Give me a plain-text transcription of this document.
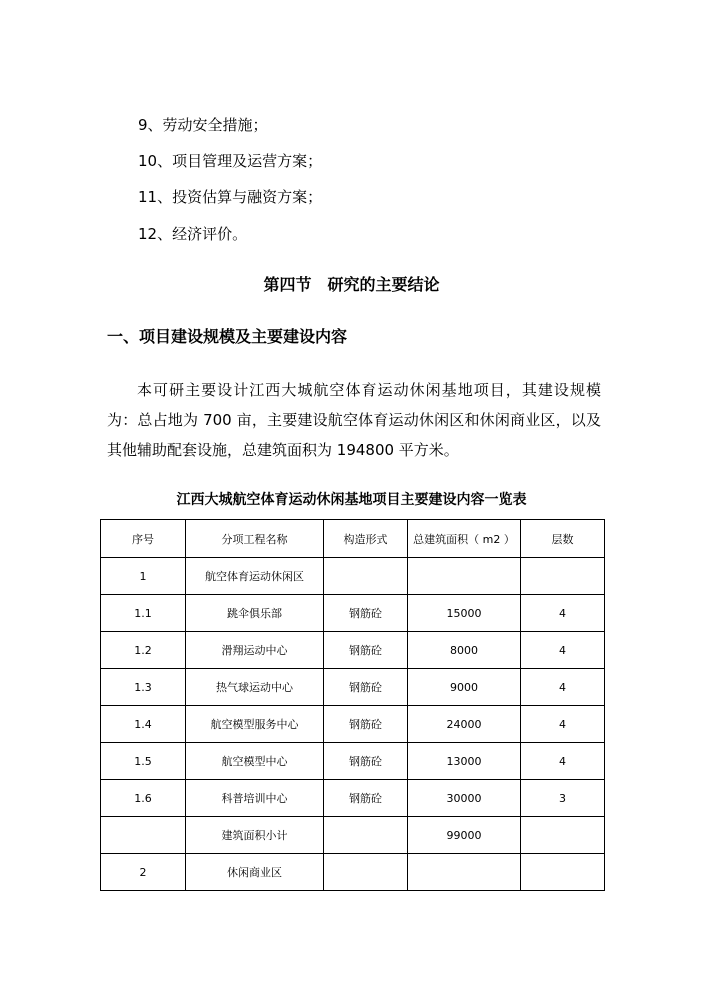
9、劳动安全措施；
10、项目管理及运营方案；
11、投资估算与融资方案；
12、经济评价。
第四节　研究的主要结论
一、项目建设规模及主要建设内容
本可研主要设计江西大城航空体育运动休闲基地项目，其建设规模为：总占地为 700 亩，主要建设航空体育运动休闲区和休闲商业区，以及其他辅助配套设施，总建筑面积为 194800 平方米。
江西大城航空体育运动休闲基地项目主要建设内容一览表
序号	分项工程名称	构造形式	总建筑面积（ m2 ）	层数
1	航空体育运动休闲区			
1.1	跳伞俱乐部	钢筋砼	15000	4
1.2	滑翔运动中心	钢筋砼	8000	4
1.3	热气球运动中心	钢筋砼	9000	4
1.4	航空模型服务中心	钢筋砼	24000	4
1.5	航空模型中心	钢筋砼	13000	4
1.6	科普培训中心	钢筋砼	30000	3
	建筑面积小计		99000	
2	休闲商业区			
